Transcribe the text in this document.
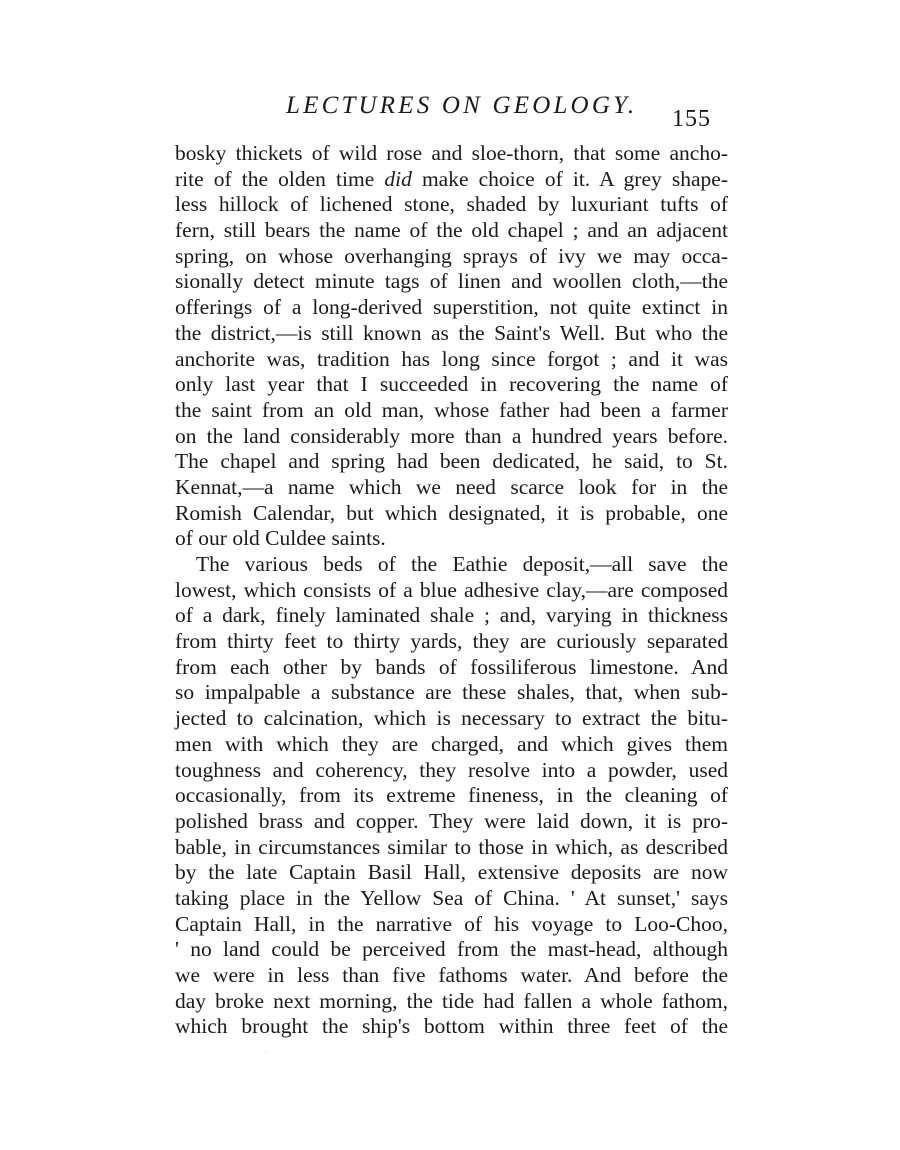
LECTURES ON GEOLOGY. 155
bosky thickets of wild rose and sloe-thorn, that some ancho-
rite of the olden time did make choice of it. A grey shape-
less hillock of lichened stone, shaded by luxuriant tufts of
fern, still bears the name of the old chapel ; and an adjacent
spring, on whose overhanging sprays of ivy we may occa-
sionally detect minute tags of linen and woollen cloth,—the
offerings of a long-derived superstition, not quite extinct in
the district,—is still known as the Saint's Well. But who the
anchorite was, tradition has long since forgot ; and it was
only last year that I succeeded in recovering the name of
the saint from an old man, whose father had been a farmer
on the land considerably more than a hundred years before.
The chapel and spring had been dedicated, he said, to St.
Kennat,—a name which we need scarce look for in the
Romish Calendar, but which designated, it is probable, one
of our old Culdee saints.
The various beds of the Eathie deposit,—all save the
lowest, which consists of a blue adhesive clay,—are composed
of a dark, finely laminated shale ; and, varying in thickness
from thirty feet to thirty yards, they are curiously separated
from each other by bands of fossiliferous limestone. And
so impalpable a substance are these shales, that, when sub-
jected to calcination, which is necessary to extract the bitu-
men with which they are charged, and which gives them
toughness and coherency, they resolve into a powder, used
occasionally, from its extreme fineness, in the cleaning of
polished brass and copper. They were laid down, it is pro-
bable, in circumstances similar to those in which, as described
by the late Captain Basil Hall, extensive deposits are now
taking place in the Yellow Sea of China. ' At sunset,' says
Captain Hall, in the narrative of his voyage to Loo-Choo,
' no land could be perceived from the mast-head, although
we were in less than five fathoms water. And before the
day broke next morning, the tide had fallen a whole fathom,
which brought the ship's bottom within three feet of the
